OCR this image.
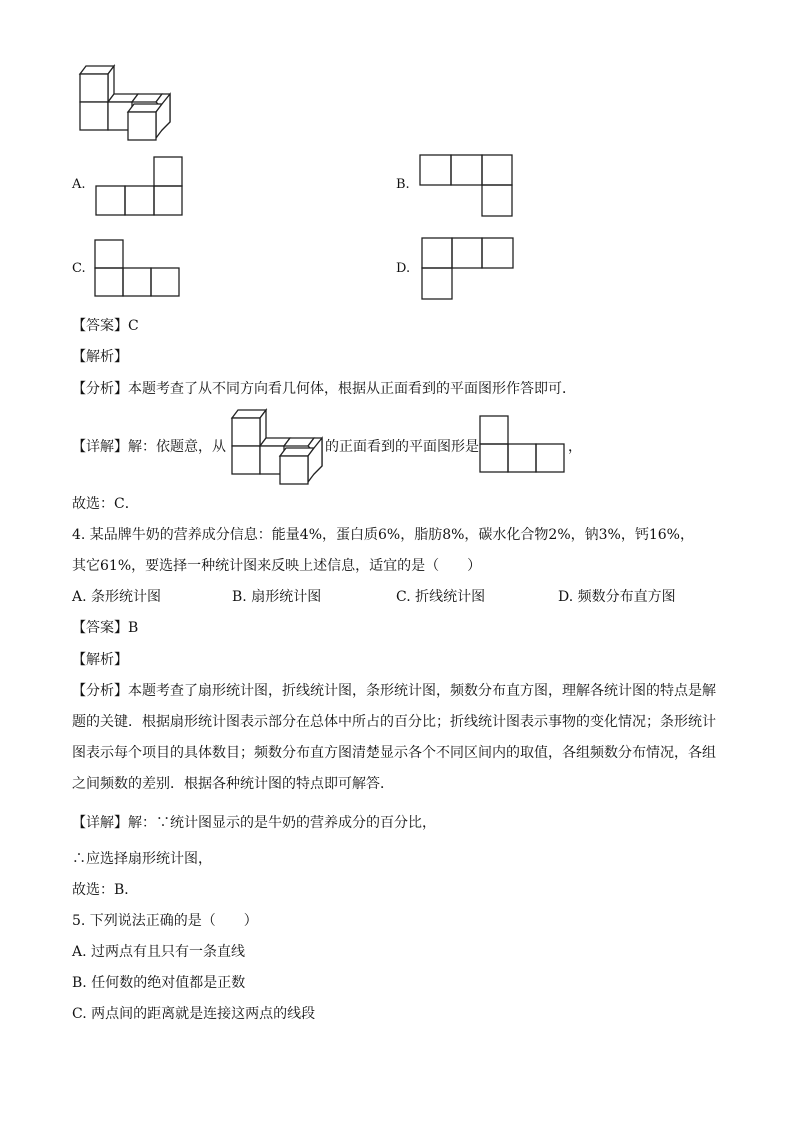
A.	B.
C.	D.
【答案】C
【解析】
【分析】本题考查了从不同方向看几何体，根据从正面看到的平面图形作答即可．
【详解】解：依题意，从	的正面看到的平面图形是	，
故选：C．
4. 某品牌牛奶的营养成分信息：能量4%，蛋白质6%，脂肪8%，碳水化合物2%，钠3%，钙16%，
其它61%，要选择一种统计图来反映上述信息，适宜的是（　　）
A. 条形统计图	B. 扇形统计图	C. 折线统计图	D. 频数分布直方图
【答案】B
【解析】
【分析】本题考查了扇形统计图，折线统计图，条形统计图，频数分布直方图，理解各统计图的特点是解
题的关键．根据扇形统计图表示部分在总体中所占的百分比；折线统计图表示事物的变化情况；条形统计
图表示每个项目的具体数目；频数分布直方图清楚显示各个不同区间内的取值，各组频数分布情况，各组
之间频数的差别．根据各种统计图的特点即可解答．
【详解】解：∵统计图显示的是牛奶的营养成分的百分比，
∴应选择扇形统计图，
故选：B．
5. 下列说法正确的是（　　）
A. 过两点有且只有一条直线
B. 任何数的绝对值都是正数
C. 两点间的距离就是连接这两点的线段
